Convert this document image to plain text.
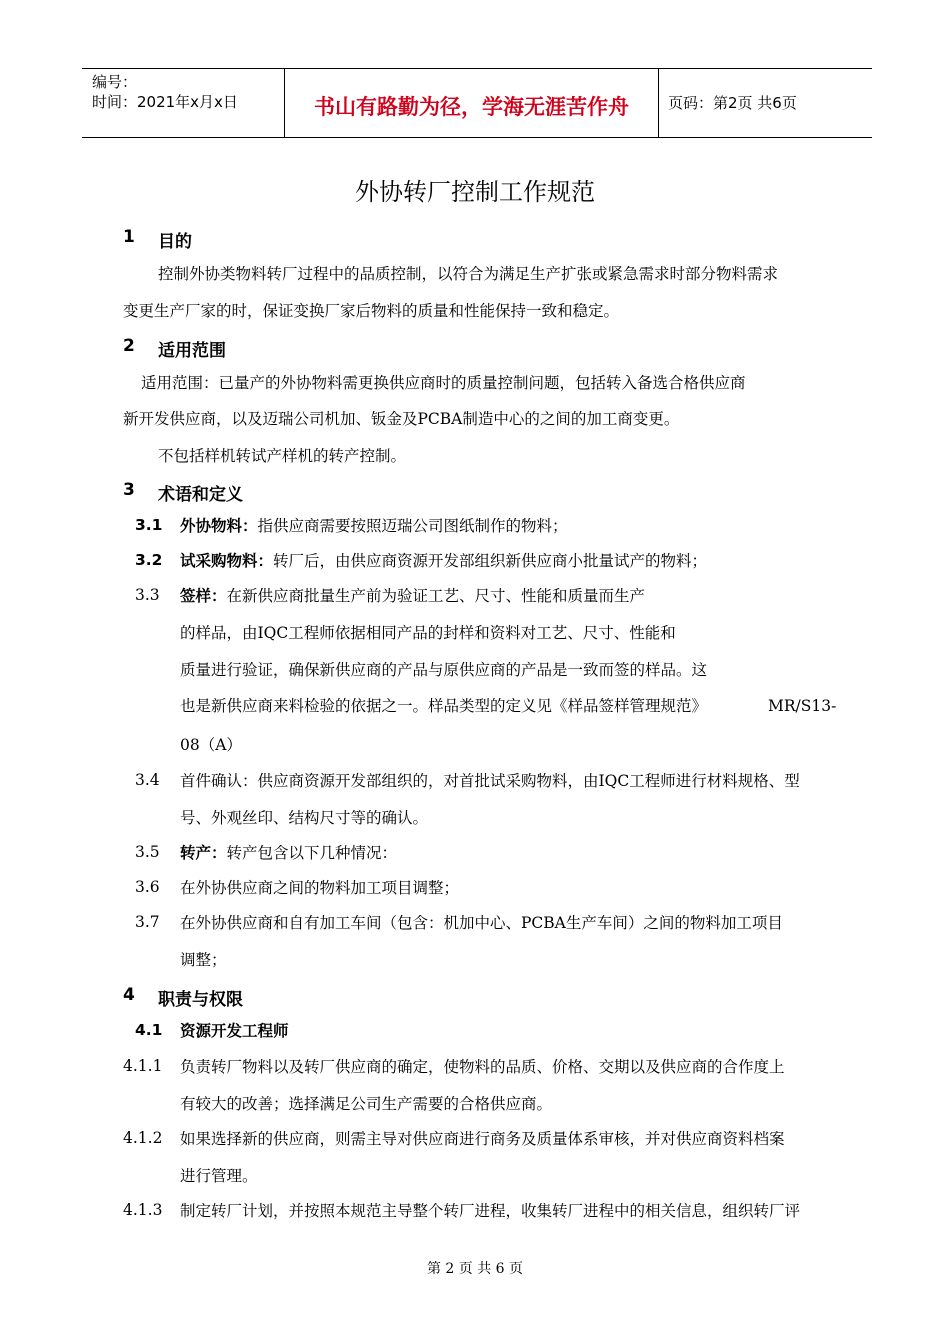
编号：
时间：2021年x月x日	书山有路勤为径，学海无涯苦作舟	页码：第2页 共6页
外协转厂控制工作规范
1 目的
控制外协类物料转厂过程中的品质控制，以符合为满足生产扩张或紧急需求时部分物料需求
变更生产厂家的时，保证变换厂家后物料的质量和性能保持一致和稳定。
2 适用范围
适用范围：已量产的外协物料需更换供应商时的质量控制问题，包括转入备选合格供应商
新开发供应商，以及迈瑞公司机加、钣金及PCBA制造中心的之间的加工商变更。
不包括样机转试产样机的转产控制。
3 术语和定义
3.1 外协物料：指供应商需要按照迈瑞公司图纸制作的物料；
3.2 试采购物料：转厂后，由供应商资源开发部组织新供应商小批量试产的物料；
3.3 签样：在新供应商批量生产前为验证工艺、尺寸、性能和质量而生产
的样品，由IQC工程师依据相同产品的封样和资料对工艺、尺寸、性能和
质量进行验证，确保新供应商的产品与原供应商的产品是一致而签的样品。这
也是新供应商来料检验的依据之一。样品类型的定义见《样品签样管理规范》	MR/S13-
08（A）
3.4 首件确认：供应商资源开发部组织的，对首批试采购物料，由IQC工程师进行材料规格、型
号、外观丝印、结构尺寸等的确认。
3.5 转产：转产包含以下几种情况：
3.6 在外协供应商之间的物料加工项目调整；
3.7 在外协供应商和自有加工车间（包含：机加中心、PCBA生产车间）之间的物料加工项目
调整；
4 职责与权限
4.1 资源开发工程师
4.1.1 负责转厂物料以及转厂供应商的确定，使物料的品质、价格、交期以及供应商的合作度上
有较大的改善；选择满足公司生产需要的合格供应商。
4.1.2 如果选择新的供应商，则需主导对供应商进行商务及质量体系审核，并对供应商资料档案
进行管理。
4.1.3 制定转厂计划，并按照本规范主导整个转厂进程，收集转厂进程中的相关信息，组织转厂评
第 2 页 共 6 页
